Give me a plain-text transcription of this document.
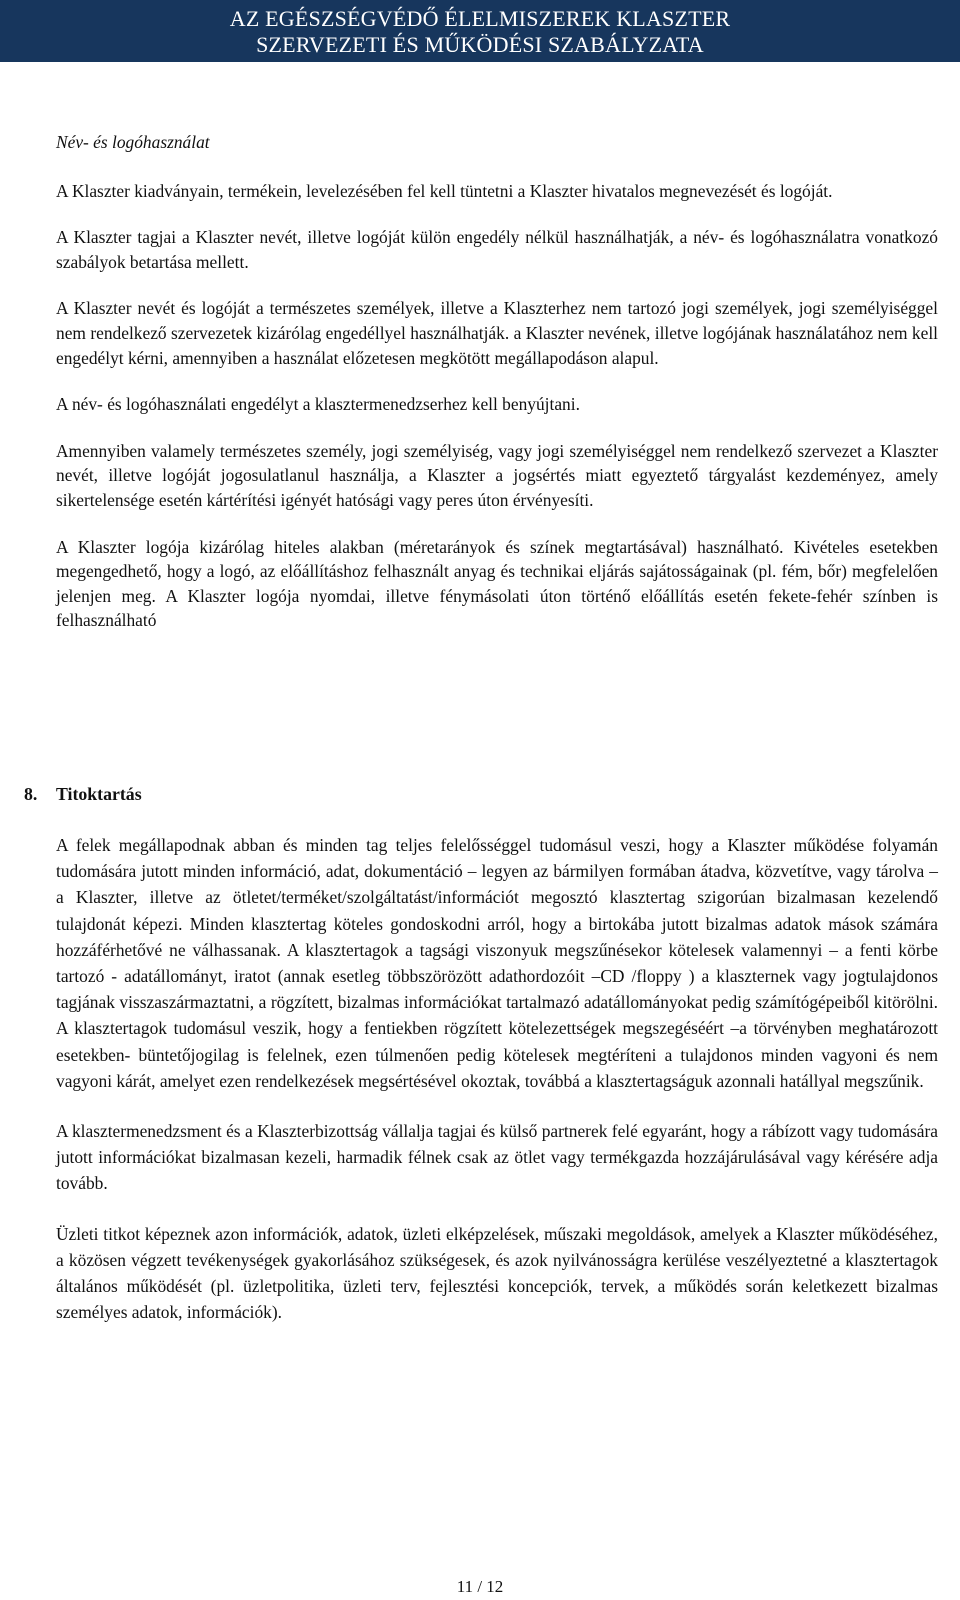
AZ EGÉSZSÉGVÉDŐ ÉLELMISZEREK KLASZTER
SZERVEZETI ÉS MŰKÖDÉSI SZABÁLYZATA

Név- és logóhasználat

A Klaszter kiadványain, termékein, levelezésében fel kell tüntetni a Klaszter hivatalos megnevezését és logóját.

A Klaszter tagjai a Klaszter nevét, illetve logóját külön engedély nélkül használhatják, a név- és logóhasználatra vonatkozó szabályok betartása mellett.

A Klaszter nevét és logóját a természetes személyek, illetve a Klaszterhez nem tartozó jogi személyek, jogi személyiséggel nem rendelkező szervezetek kizárólag engedéllyel használhatják. a Klaszter nevének, illetve logójának használatához nem kell engedélyt kérni, amennyiben a használat előzetesen megkötött megállapodáson alapul.

A név- és logóhasználati engedélyt a klasztermenedzserhez kell benyújtani.

Amennyiben valamely természetes személy, jogi személyiség, vagy jogi személyiséggel nem rendelkező szervezet a Klaszter nevét, illetve logóját jogosulatlanul használja, a Klaszter a jogsértés miatt egyeztető tárgyalást kezdeményez, amely sikertelensége esetén kártérítési igényét hatósági vagy peres úton érvényesíti.

A Klaszter logója kizárólag hiteles alakban (méretarányok és színek megtartásával) használható. Kivételes esetekben megengedhető, hogy a logó, az előállításhoz felhasznált anyag és technikai eljárás sajátosságainak (pl. fém, bőr) megfelelően jelenjen meg. A Klaszter logója nyomdai, illetve fénymásolati úton történő előállítás esetén fekete-fehér színben is felhasználható

8. Titoktartás

A felek megállapodnak abban és minden tag teljes felelősséggel tudomásul veszi, hogy a Klaszter működése folyamán tudomására jutott minden információ, adat, dokumentáció – legyen az bármilyen formában átadva, közvetítve, vagy tárolva – a Klaszter, illetve az ötletet/terméket/szolgáltatást/információt megosztó klasztertag szigorúan bizalmasan kezelendő tulajdonát képezi. Minden klasztertag köteles gondoskodni arról, hogy a birtokába jutott bizalmas adatok mások számára hozzáférhetővé ne válhassanak. A klasztertagok a tagsági viszonyuk megszűnésekor kötelesek valamennyi – a fenti körbe tartozó - adatállományt, iratot (annak esetleg többszörözött adathordozóit –CD /floppy ) a klaszternek vagy jogtulajdonos tagjának visszaszármaztatni, a rögzített, bizalmas információkat tartalmazó adatállományokat pedig számítógépeiből kitörölni. A klasztertagok tudomásul veszik, hogy a fentiekben rögzített kötelezettségek megszegéséért –a törvényben meghatározott esetekben- büntetőjogilag is felelnek, ezen túlmenően pedig kötelesek megtéríteni a tulajdonos minden vagyoni és nem vagyoni kárát, amelyet ezen rendelkezések megsértésével okoztak, továbbá a klasztertagságuk azonnali hatállyal megszűnik.

A klasztermenedzsment és a Klaszterbizottság vállalja tagjai és külső partnerek felé egyaránt, hogy a rábízott vagy tudomására jutott információkat bizalmasan kezeli, harmadik félnek csak az ötlet vagy termékgazda hozzájárulásával vagy kérésére adja tovább.

Üzleti titkot képeznek azon információk, adatok, üzleti elképzelések, műszaki megoldások, amelyek a Klaszter működéséhez, a közösen végzett tevékenységek gyakorlásához szükségesek, és azok nyilvánosságra kerülése veszélyeztetné a klasztertagok általános működését (pl. üzletpolitika, üzleti terv, fejlesztési koncepciók, tervek, a működés során keletkezett bizalmas személyes adatok, információk).

11 / 12
